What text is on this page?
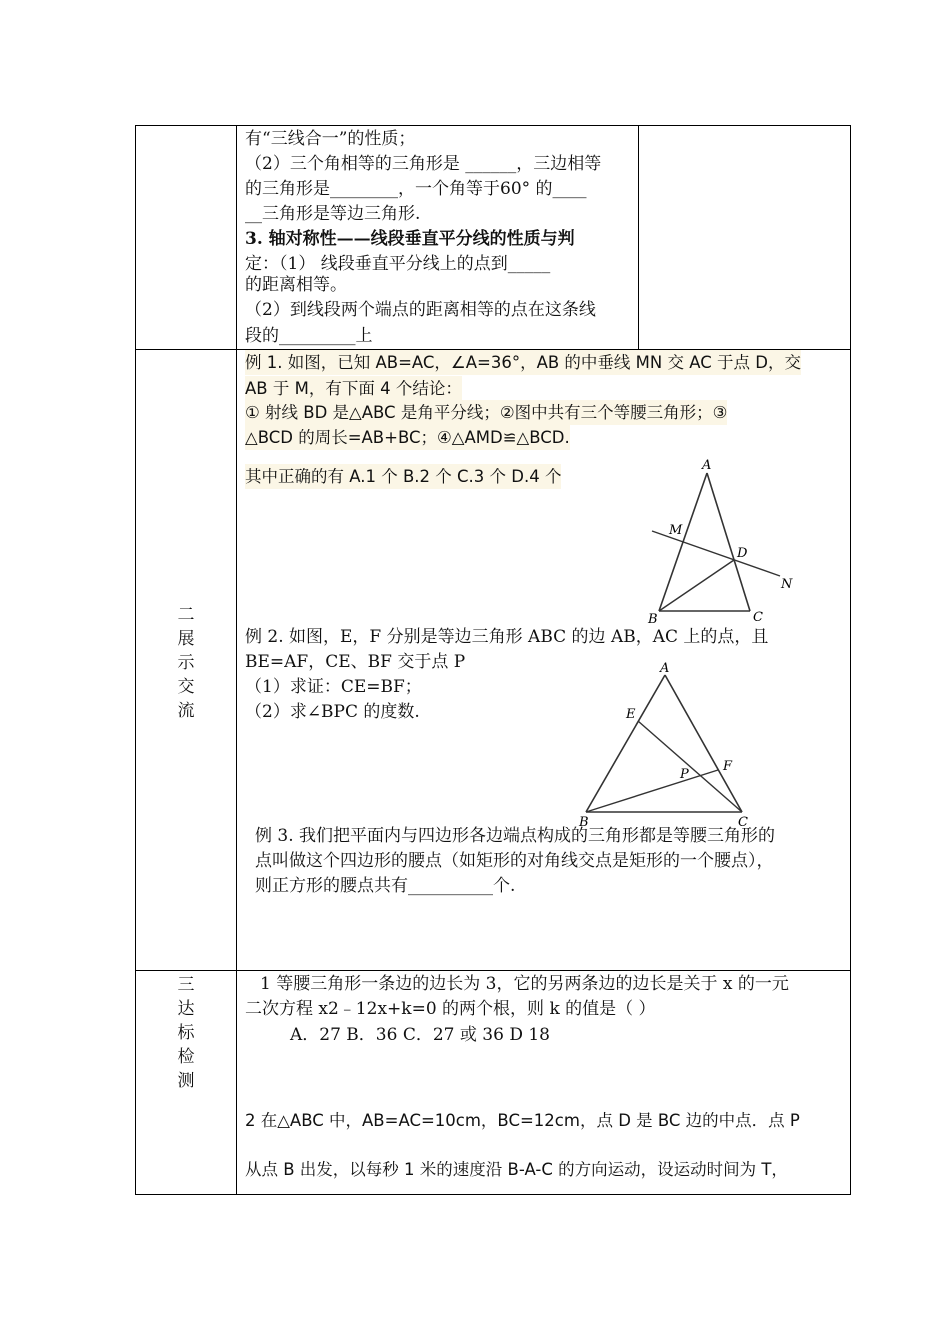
有“三线合一”的性质；
（2）三个角相等的三角形是 ______，三边相等
的三角形是________，一个角等于60° 的____
__三角形是等边三角形.
3. 轴对称性——线段垂直平分线的性质与判
定：（1） 线段垂直平分线上的点到_____
的距离相等。
（2）到线段两个端点的距离相等的点在这条线
段的_________上
二
展
示
交
流
例 1. 如图，已知 AB=AC，∠A=36°，AB 的中垂线 MN 交 AC 于点 D，交
AB 于 M，有下面 4 个结论：
① 射线 BD 是△ABC 是角平分线；②图中共有三个等腰三角形；③
△BCD 的周长=AB+BC；④△AMD≌△BCD.
其中正确的有 A.1 个 B.2 个 C.3 个 D.4 个
A
M
D
N
B	C
例 2. 如图，E，F 分别是等边三角形 ABC 的边 AB，AC 上的点，且
BE=AF，CE、BF 交于点 P
（1）求证：CE=BF；
（2）求∠BPC 的度数.
A
E
F
P
B	C
例 3. 我们把平面内与四边形各边端点构成的三角形都是等腰三角形的
点叫做这个四边形的腰点（如矩形的对角线交点是矩形的一个腰点），
则正方形的腰点共有__________个.
三
达
标
检
测
1 等腰三角形一条边的边长为 3，它的另两条边的边长是关于 x 的一元
二次方程 x2﹣12x+k=0 的两个根，则 k 的值是（ ）
A．27 B．36 C．27 或 36 D 18
2 在△ABC 中，AB=AC=10cm，BC=12cm，点 D 是 BC 边的中点．点 P
从点 B 出发，以每秒 1 米的速度沿 B-A-C 的方向运动，设运动时间为 T，
